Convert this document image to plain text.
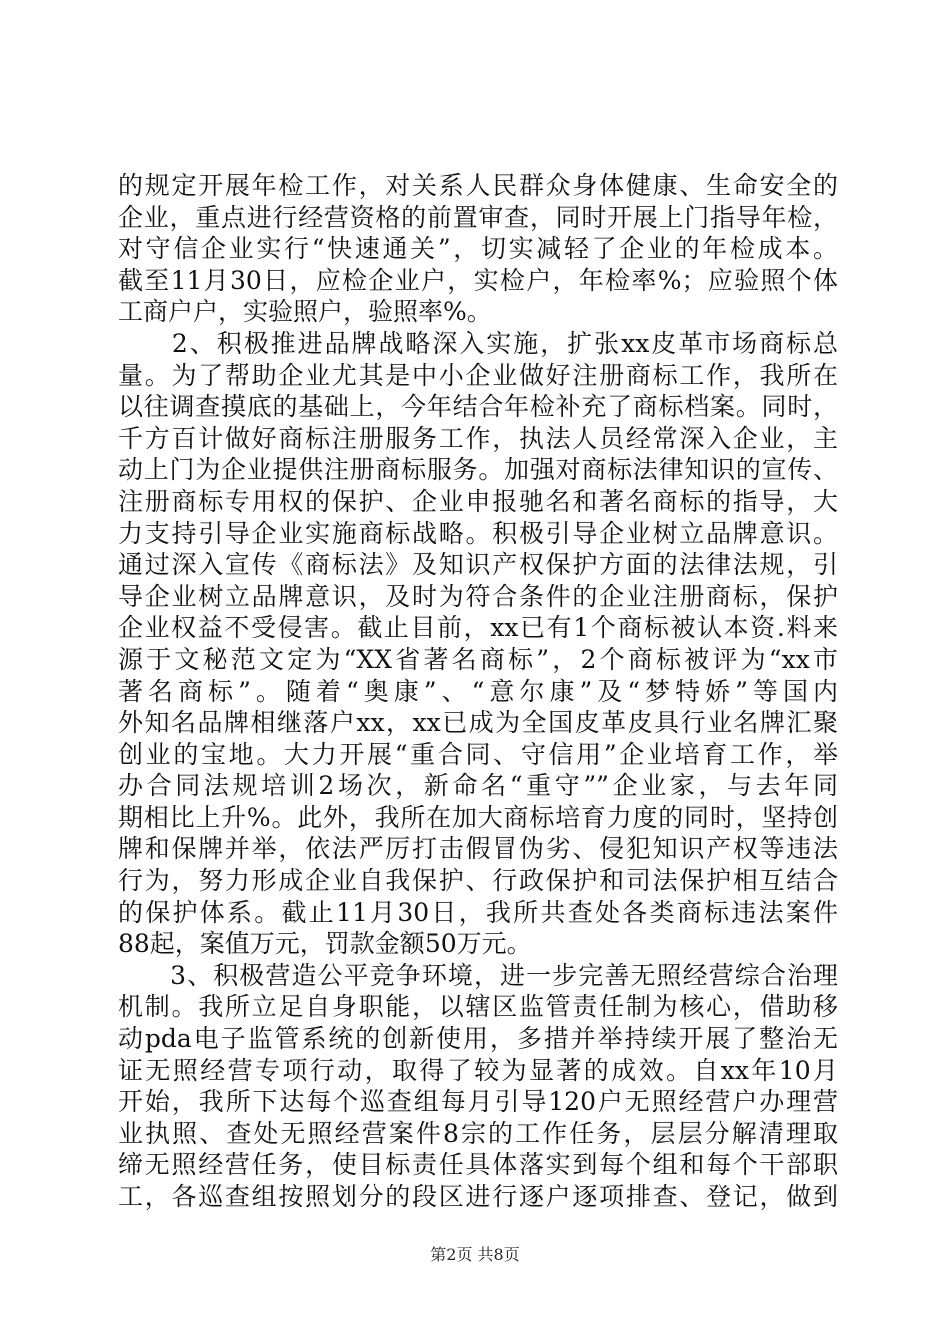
的规定开展年检工作，对关系人民群众身体健康、生命安全的
企业，重点进行经营资格的前置审查，同时开展上门指导年检，
对守信企业实行“快速通关”，切实减轻了企业的年检成本。
截至11月30日，应检企业户，实检户，年检率%；应验照个体
工商户户，实验照户，验照率%。
　　2、积极推进品牌战略深入实施，扩张xx皮革市场商标总
量。为了帮助企业尤其是中小企业做好注册商标工作，我所在
以往调查摸底的基础上，今年结合年检补充了商标档案。同时，
千方百计做好商标注册服务工作，执法人员经常深入企业，主
动上门为企业提供注册商标服务。加强对商标法律知识的宣传、
注册商标专用权的保护、企业申报驰名和著名商标的指导，大
力支持引导企业实施商标战略。积极引导企业树立品牌意识。
通过深入宣传《商标法》及知识产权保护方面的法律法规，引
导企业树立品牌意识，及时为符合条件的企业注册商标，保护
企业权益不受侵害。截止目前，xx已有1个商标被认本资.料来
源于文秘范文定为“XX省著名商标”，2个商标被评为“xx市
著名商标”。随着“奥康”、“意尔康”及“梦特娇”等国内
外知名品牌相继落户xx，xx已成为全国皮革皮具行业名牌汇聚
创业的宝地。大力开展“重合同、守信用”企业培育工作，举
办合同法规培训2场次，新命名“重守””企业家，与去年同
期相比上升%。此外，我所在加大商标培育力度的同时，坚持创
牌和保牌并举，依法严厉打击假冒伪劣、侵犯知识产权等违法
行为，努力形成企业自我保护、行政保护和司法保护相互结合
的保护体系。截止11月30日，我所共查处各类商标违法案件
88起，案值万元，罚款金额50万元。
　　3、积极营造公平竞争环境，进一步完善无照经营综合治理
机制。我所立足自身职能，以辖区监管责任制为核心，借助移
动pda电子监管系统的创新使用，多措并举持续开展了整治无
证无照经营专项行动，取得了较为显著的成效。自xx年10月
开始，我所下达每个巡查组每月引导120户无照经营户办理营
业执照、查处无照经营案件8宗的工作任务，层层分解清理取
缔无照经营任务，使目标责任具体落实到每个组和每个干部职
工，各巡查组按照划分的段区进行逐户逐项排查、登记，做到
第2页 共8页
